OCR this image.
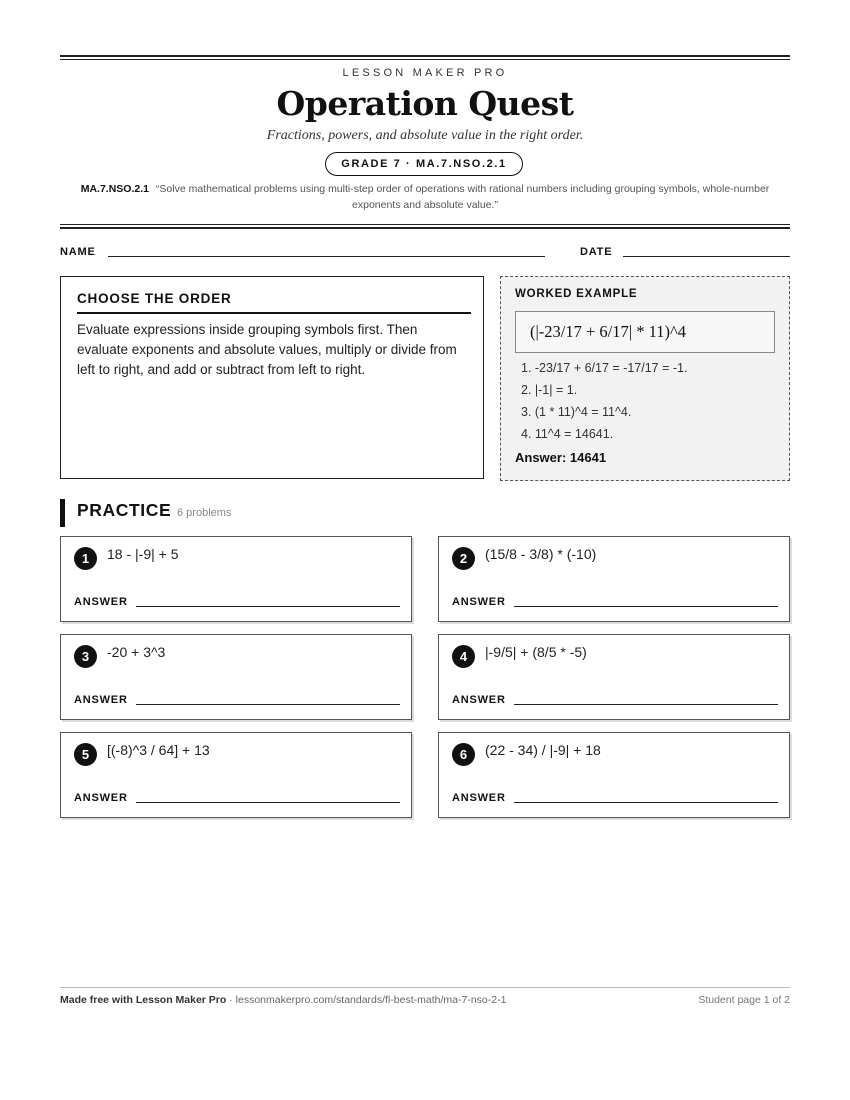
LESSON MAKER PRO
Operation Quest
Fractions, powers, and absolute value in the right order.
GRADE 7 · MA.7.NSO.2.1
MA.7.NSO.2.1 “Solve mathematical problems using multi-step order of operations with rational numbers including grouping symbols, whole-number exponents and absolute value.”
NAME	DATE
CHOOSE THE ORDER
Evaluate expressions inside grouping symbols first. Then evaluate exponents and absolute values, multiply or divide from left to right, and add or subtract from left to right.
WORKED EXAMPLE
(|-23/17 + 6/17| * 11)^4
1. -23/17 + 6/17 = -17/17 = -1.
2. |-1| = 1.
3. (1 * 11)^4 = 11^4.
4. 11^4 = 14641.
Answer: 14641
PRACTICE 6 problems
1	18 - |-9| + 5
ANSWER
2	(15/8 - 3/8) * (-10)
ANSWER
3	-20 + 3^3
ANSWER
4	|-9/5| + (8/5 * -5)
ANSWER
5	[(-8)^3 / 64] + 13
ANSWER
6	(22 - 34) / |-9| + 18
ANSWER
Made free with Lesson Maker Pro · lessonmakerpro.com/standards/fl-best-math/ma-7-nso-2-1	Student page 1 of 2
